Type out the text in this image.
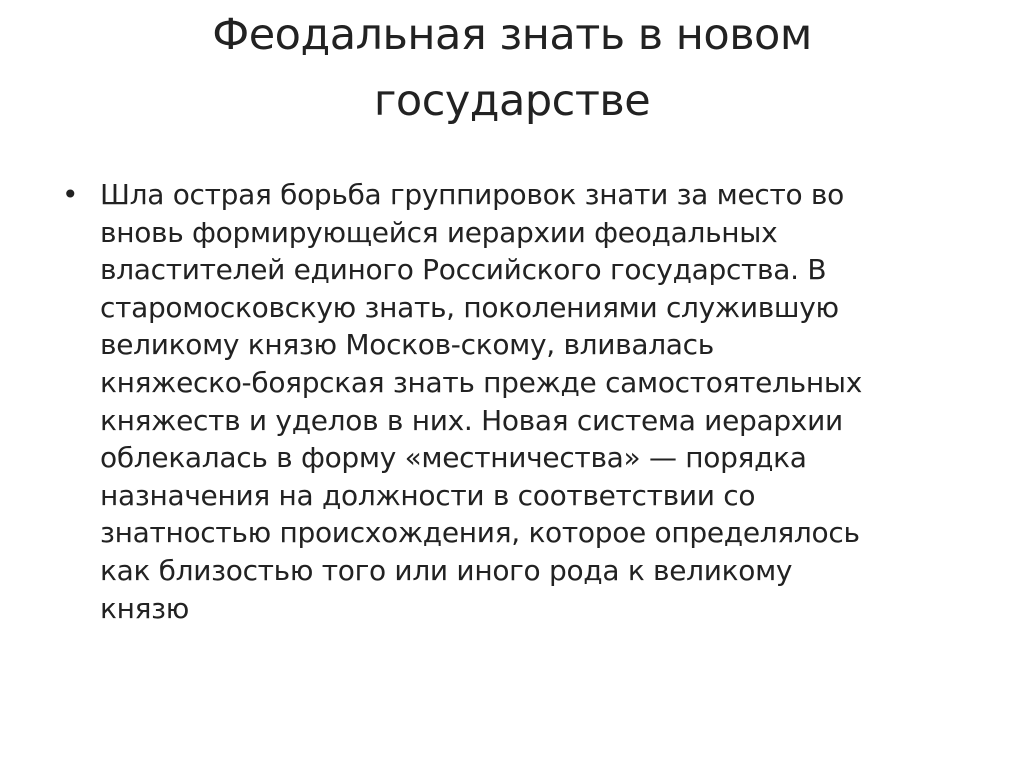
Феодальная знать в новом
государстве
• Шла острая борьба группировок знати за место во
вновь формирующейся иерархии феодальных
властителей единого Российского государства. В
старомосковскую знать, поколениями служившую
великому князю Москов-скому, вливалась
княжеско-боярская знать прежде самостоятельных
княжеств и уделов в них. Новая система иерархии
облекалась в форму «местничества» — порядка
назначения на должности в соответствии со
знатностью происхождения, которое определялось
как близостью того или иного рода к великому
князю
